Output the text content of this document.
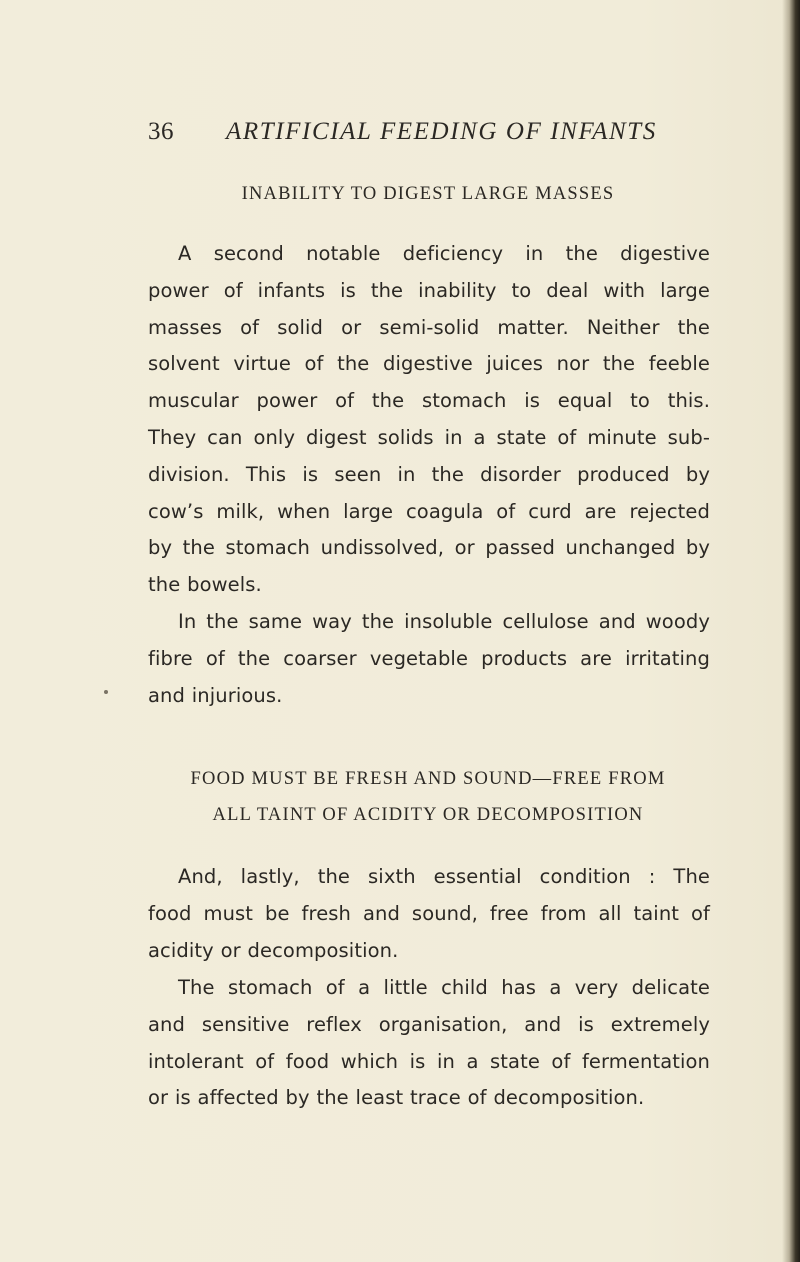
36 ARTIFICIAL FEEDING OF INFANTS
INABILITY TO DIGEST LARGE MASSES
A second notable deficiency in the digestive
power of infants is the inability to deal with large
masses of solid or semi-solid matter. Neither the
solvent virtue of the digestive juices nor the feeble
muscular power of the stomach is equal to this.
They can only digest solids in a state of minute sub-
division. This is seen in the disorder produced by
cow’s milk, when large coagula of curd are rejected
by the stomach undissolved, or passed unchanged by
the bowels.
In the same way the insoluble cellulose and woody
fibre of the coarser vegetable products are irritating
and injurious.
FOOD MUST BE FRESH AND SOUND—FREE FROM
ALL TAINT OF ACIDITY OR DECOMPOSITION
And, lastly, the sixth essential condition : The
food must be fresh and sound, free from all taint of
acidity or decomposition.
The stomach of a little child has a very delicate
and sensitive reflex organisation, and is extremely
intolerant of food which is in a state of fermentation
or is affected by the least trace of decomposition.
